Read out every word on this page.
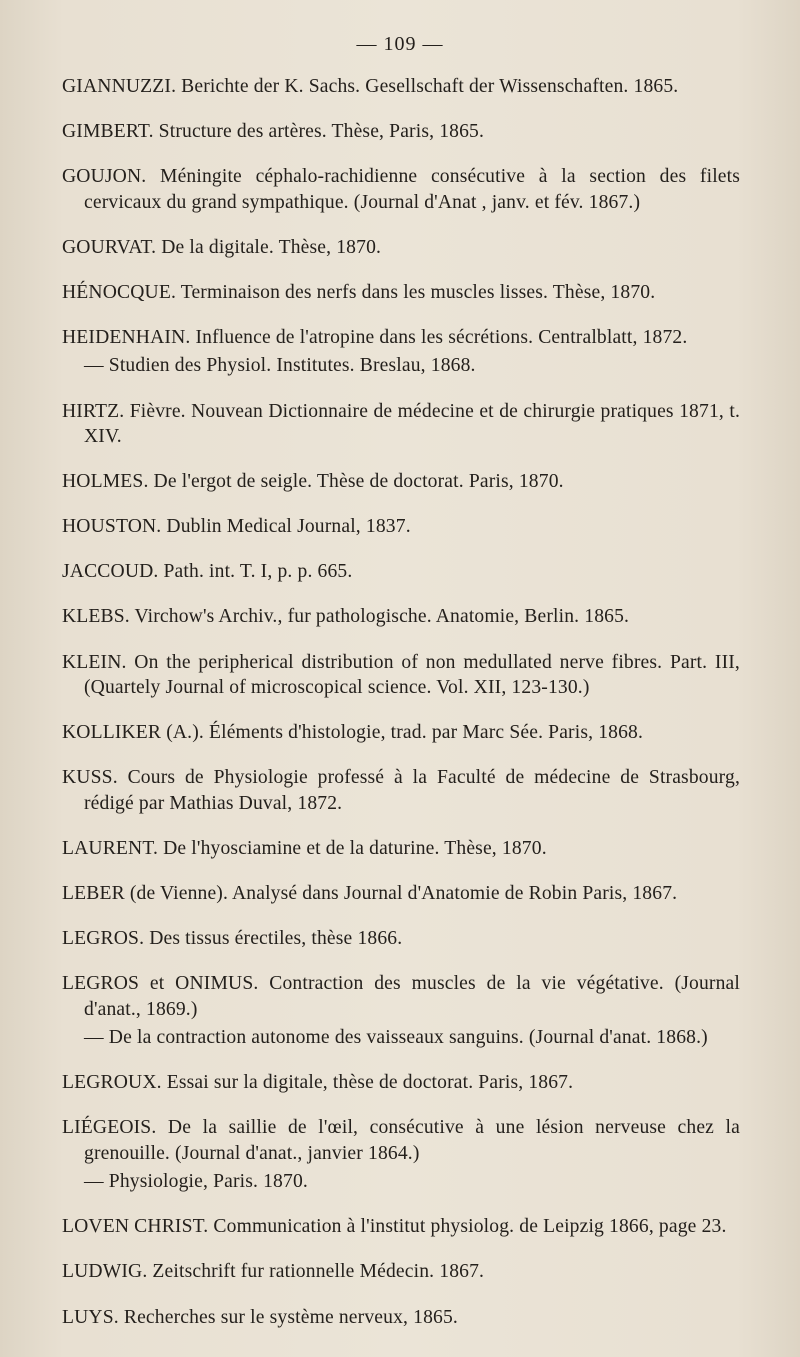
— 109 —

GIANNUZZI. Berichte der K. Sachs. Gesellschaft der Wissenschaften. 1865.

GIMBERT. Structure des artères. Thèse, Paris, 1865.

GOUJON. Méningite céphalo-rachidienne consécutive à la section des filets cervicaux du grand sympathique. (Journal d'Anat , janv. et fév. 1867.)

GOURVAT. De la digitale. Thèse, 1870.

HÉNOCQUE. Terminaison des nerfs dans les muscles lisses. Thèse, 1870.

HEIDENHAIN. Influence de l'atropine dans les sécrétions. Centralblatt, 1872.

— Studien des Physiol. Institutes. Breslau, 1868.

HIRTZ. Fièvre. Nouvean Dictionnaire de médecine et de chirurgie pratiques 1871, t. XIV.

HOLMES. De l'ergot de seigle. Thèse de doctorat. Paris, 1870.

HOUSTON. Dublin Medical Journal, 1837.

JACCOUD. Path. int. T. I, p. p. 665.

KLEBS. Virchow's Archiv., fur pathologische. Anatomie, Berlin. 1865.

KLEIN. On the peripherical distribution of non medullated nerve fibres. Part. III, (Quartely Journal of microscopical science. Vol. XII, 123-130.)

KOLLIKER (A.). Éléments d'histologie, trad. par Marc Sée. Paris, 1868.

KUSS. Cours de Physiologie professé à la Faculté de médecine de Strasbourg, rédigé par Mathias Duval, 1872.

LAURENT. De l'hyosciamine et de la daturine. Thèse, 1870.

LEBER (de Vienne). Analysé dans Journal d'Anatomie de Robin Paris, 1867.

LEGROS. Des tissus érectiles, thèse 1866.

LEGROS et ONIMUS. Contraction des muscles de la vie végétative. (Journal d'anat., 1869.)

— De la contraction autonome des vaisseaux sanguins. (Journal d'anat. 1868.)

LEGROUX. Essai sur la digitale, thèse de doctorat. Paris, 1867.

LIÉGEOIS. De la saillie de l'œil, consécutive à une lésion nerveuse chez la grenouille. (Journal d'anat., janvier 1864.)

— Physiologie, Paris. 1870.

LOVEN CHRIST. Communication à l'institut physiolog. de Leipzig 1866, page 23.

LUDWIG. Zeitschrift fur rationnelle Médecin. 1867.

LUYS. Recherches sur le système nerveux, 1865.
